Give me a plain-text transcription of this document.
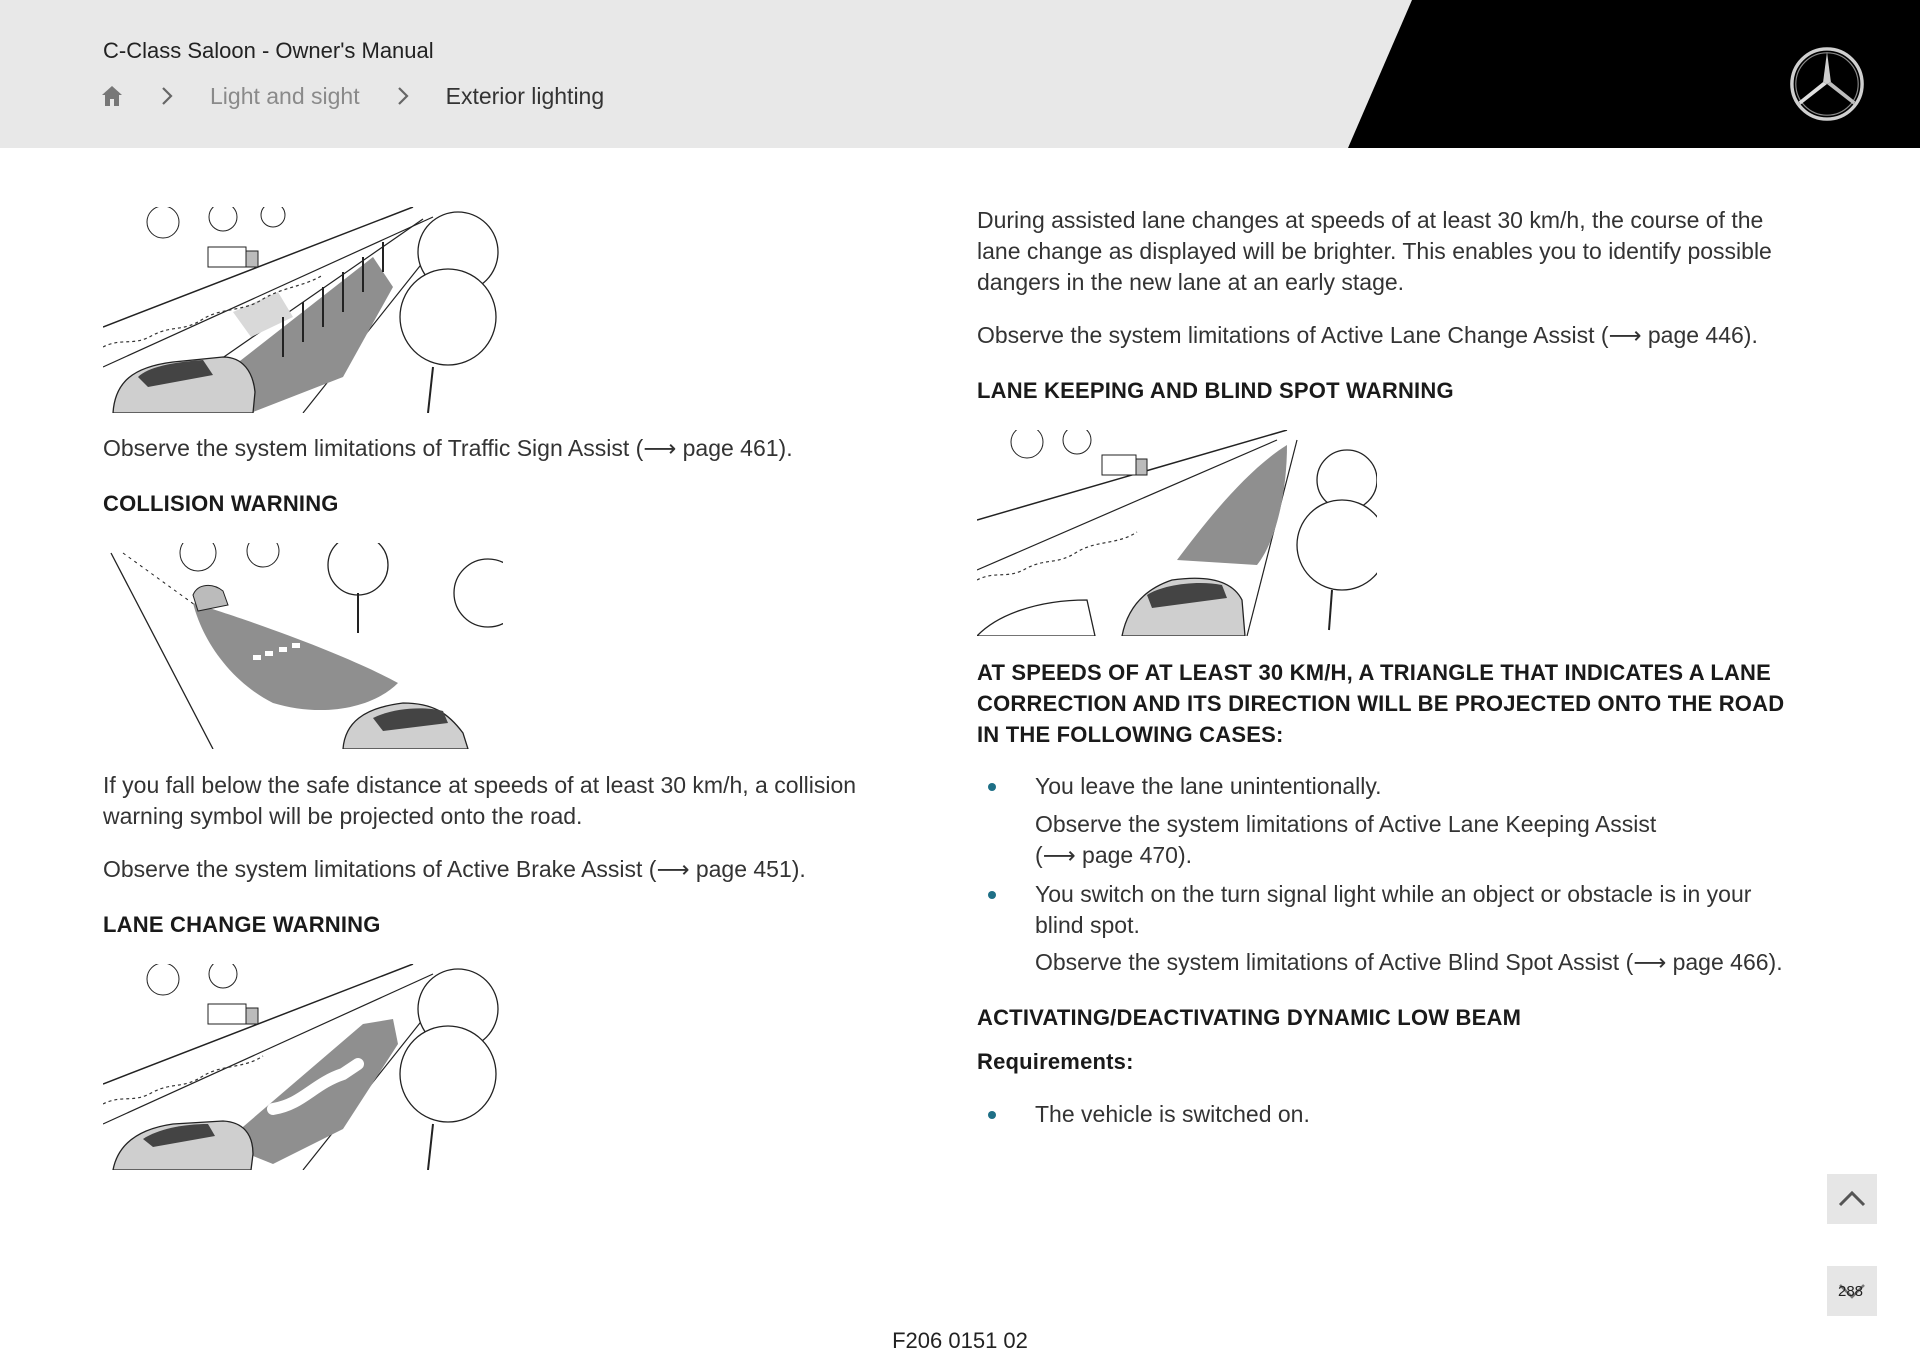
C-Class Saloon - Owner's Manual
Light and sight	Exterior lighting

Observe the system limitations of Traffic Sign Assist (⟶ page 461).

COLLISION WARNING

If you fall below the safe distance at speeds of at least 30 km/h, a collision warning symbol will be projected onto the road.

Observe the system limitations of Active Brake Assist (⟶ page 451).

LANE CHANGE WARNING

During assisted lane changes at speeds of at least 30 km/h, the course of the lane change as displayed will be brighter. This enables you to identify possible dangers in the new lane at an early stage.

Observe the system limitations of Active Lane Change Assist (⟶ page 446).

LANE KEEPING AND BLIND SPOT WARNING
AT SPEEDS OF AT LEAST 30 KM/H, A TRIANGLE THAT INDICATES A LANE CORRECTION AND ITS DIRECTION WILL BE PROJECTED ONTO THE ROAD IN THE FOLLOWING CASES:
You leave the lane unintentionally.
Observe the system limitations of Active Lane Keeping Assist (⟶ page 470).
You switch on the turn signal light while an object or obstacle is in your blind spot.
Observe the system limitations of Active Blind Spot Assist (⟶ page 466).
ACTIVATING/DEACTIVATING DYNAMIC LOW BEAM
Requirements:
The vehicle is switched on.
288
F206 0151 02
